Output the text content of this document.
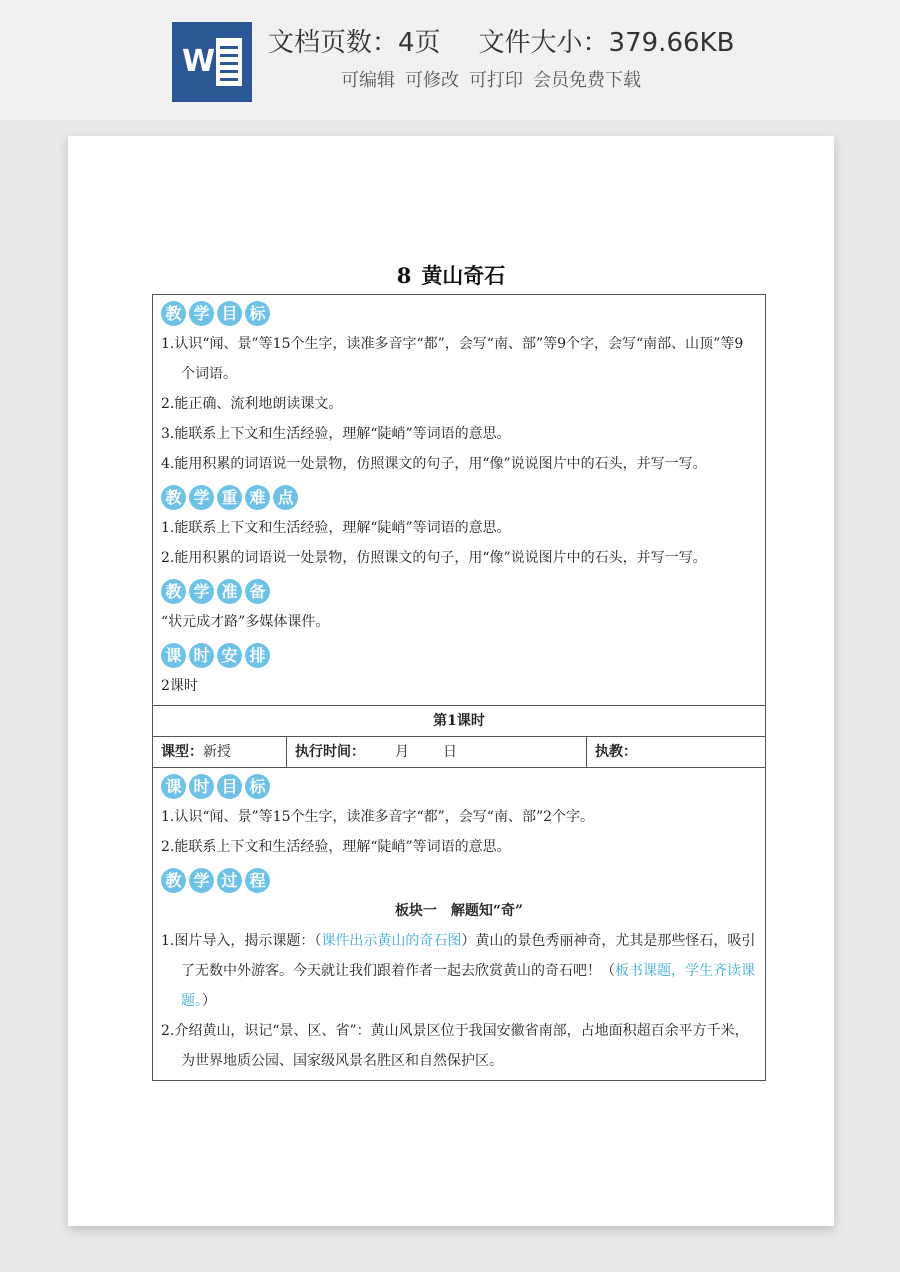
W
文档页数：4页 文件大小：379.66KB
可编辑 可修改 可打印 会员免费下载
8 黄山奇石
教 学 目 标
1.认识“闻、景”等15个生字，读准多音字“都”，会写“南、部”等9个字，会写“南部、山顶”等9个词语。
2.能正确、流利地朗读课文。
3.能联系上下文和生活经验，理解“陡峭”等词语的意思。
4.能用积累的词语说一处景物，仿照课文的句子，用“像”说说图片中的石头，并写一写。
教 学 重 难 点
1.能联系上下文和生活经验，理解“陡峭”等词语的意思。
2.能用积累的词语说一处景物，仿照课文的句子，用“像”说说图片中的石头，并写一写。
教 学 准 备
“状元成才路”多媒体课件。
课 时 安 排
2课时
第1课时
课型：新授	执行时间： 月 日	执教：
课 时 目 标
1.认识“闻、景”等15个生字，读准多音字“都”，会写“南、部”2个字。
2.能联系上下文和生活经验，理解“陡峭”等词语的意思。
教 学 过 程
板块一　解题知“奇”
1.图片导入，揭示课题：（课件出示黄山的奇石图）黄山的景色秀丽神奇，尤其是那些怪石，吸引了无数中外游客。今天就让我们跟着作者一起去欣赏黄山的奇石吧！（板书课题，学生齐读课题。）
2.介绍黄山，识记“景、区、省”：黄山风景区位于我国安徽省南部，占地面积超百余平方千米，为世界地质公园、国家级风景名胜区和自然保护区。
